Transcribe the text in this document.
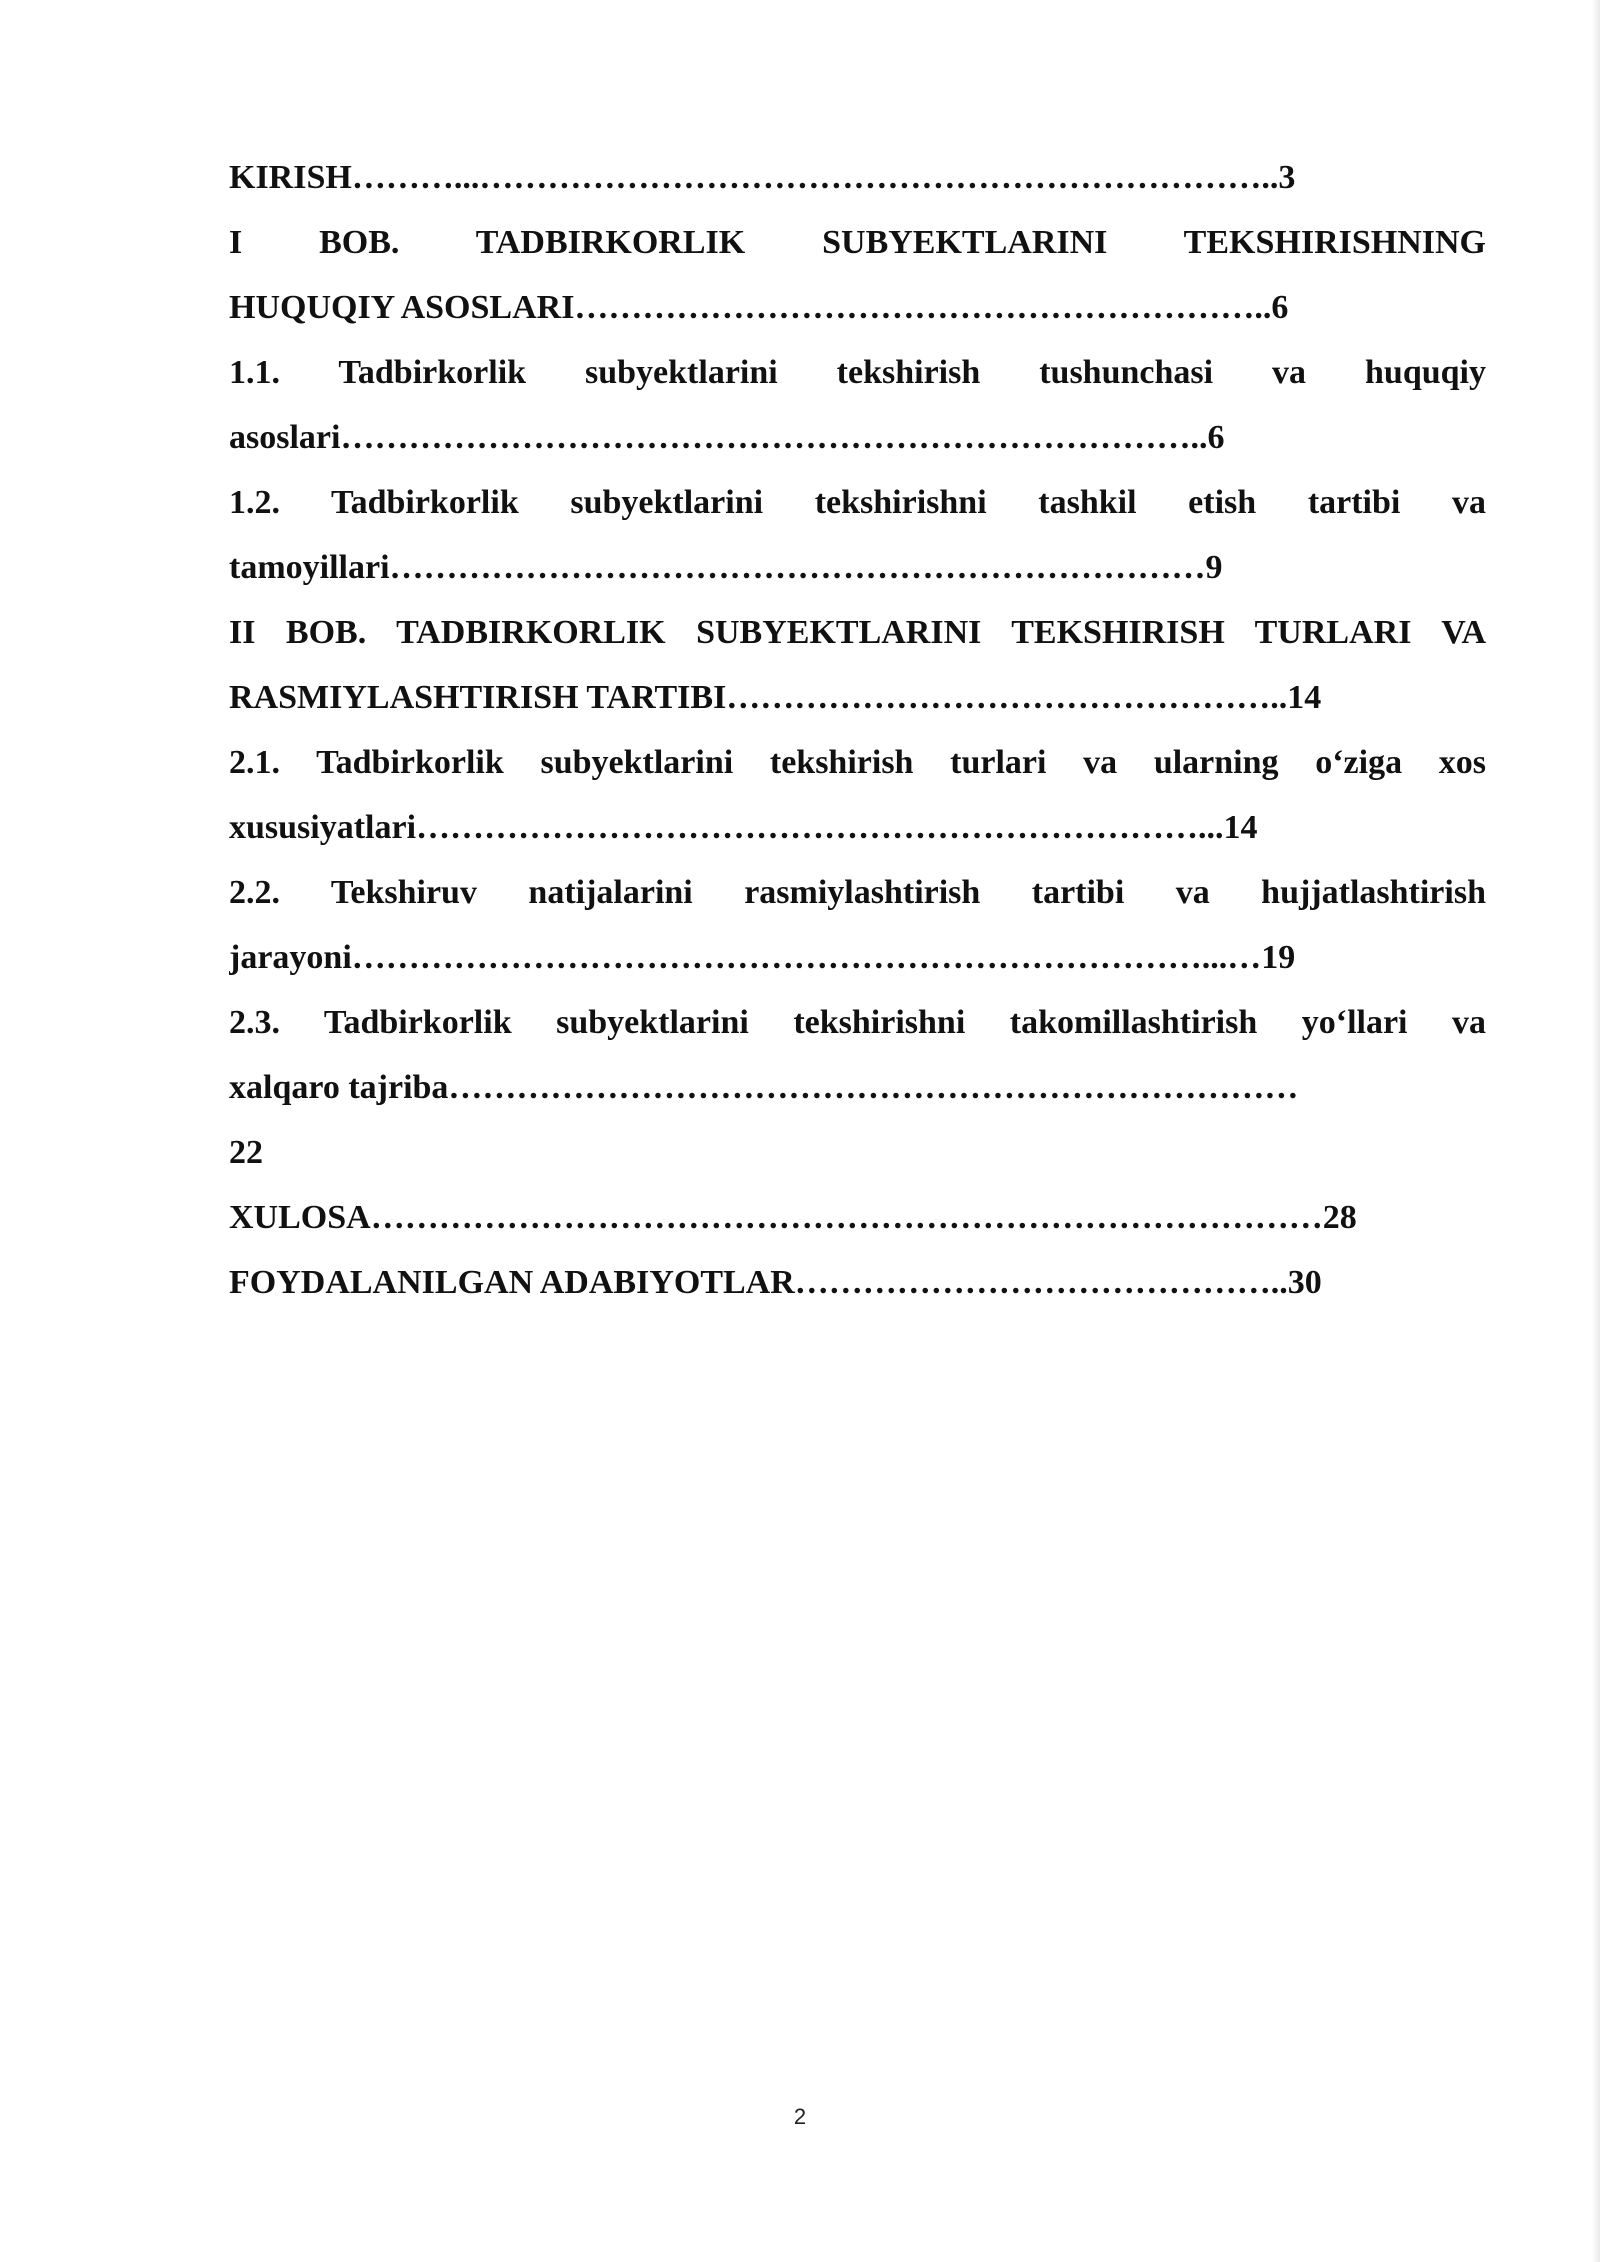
KIRISH………...……………………………………………………………..3
I BOB. TADBIRKORLIK SUBYEKTLARINI TEKSHIRISHNING
HUQUQIY ASOSLARI……………………………………………………..6
1.1. Tadbirkorlik subyektlarini tekshirish tushunchasi va huquqiy
asoslari…………………………………………………………………..6
1.2. Tadbirkorlik subyektlarini tekshirishni tashkil etish tartibi va
tamoyillari………………………………………………………………9
II BOB. TADBIRKORLIK SUBYEKTLARINI TEKSHIRISH TURLARI VA
RASMIYLASHTIRISH TARTIBI…………………………………………..14
2.1. Tadbirkorlik subyektlarini tekshirish turlari va ularning o‘ziga xos
xususiyatlari……………………………………………………………...14
2.2. Tekshiruv natijalarini rasmiylashtirish tartibi va hujjatlashtirish
jarayoni…………………………………………………………………...…19
2.3. Tadbirkorlik subyektlarini tekshirishni takomillashtirish yo‘llari va
xalqaro tajriba…………………………………………………………………
22
XULOSA…………………………………………………………………………28
FOYDALANILGAN ADABIYOTLAR……………………………………..30
2
